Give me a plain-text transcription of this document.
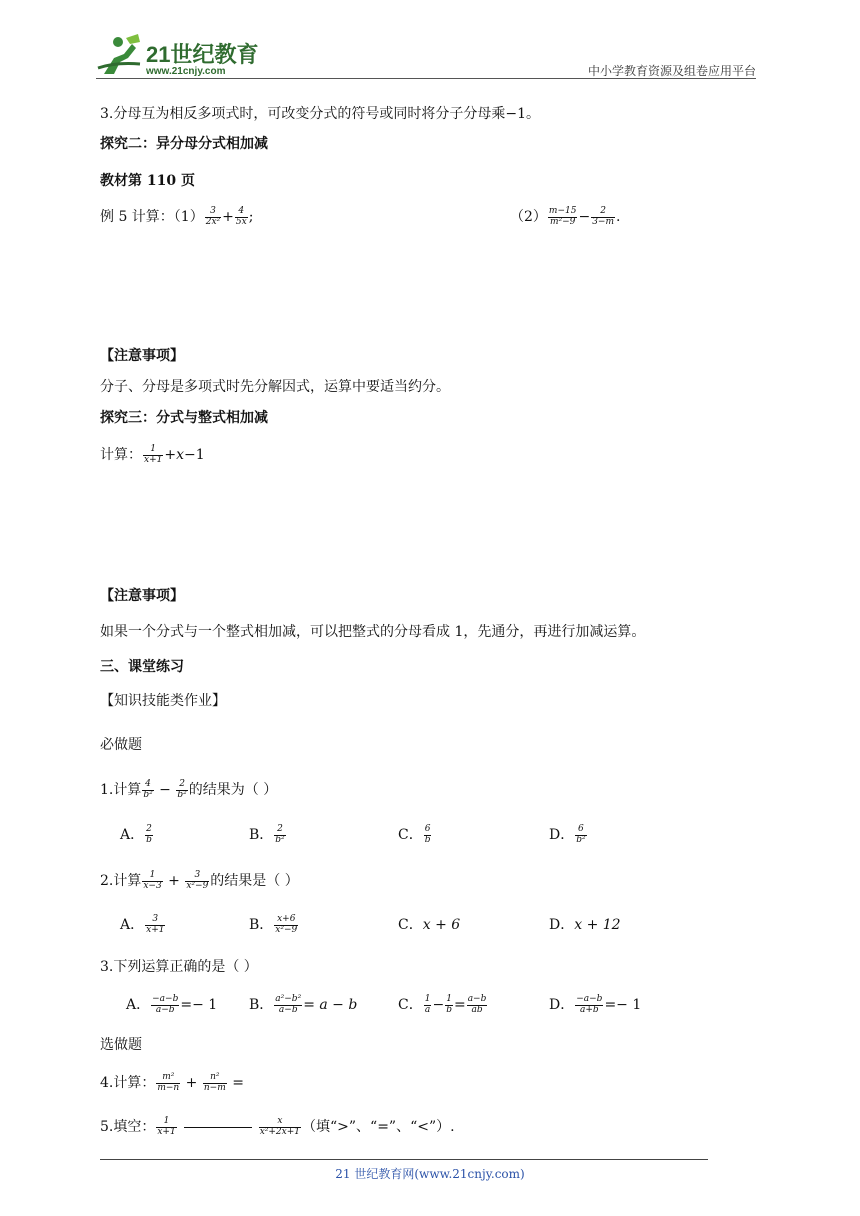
21世纪教育
www.21cnjy.com	中小学教育资源及组卷应用平台
3.分母互为相反多项式时，可改变分式的符号或同时将分子分母乘−1。
探究二：异分母分式相加减
教材第 110 页
例 5 计算：$(1) \frac{3}{\text{2x²}} + \frac{4}{5x}$ ;	$(2) \frac{m-15}{\text{m²−9}} - \frac{2}{3-m}$ .
【注意事项】
分子、分母是多项式时先分解因式，运算中要适当约分。
探究三：分式与整式相加减
计算： $\frac{1}{x+1} +x-1$
【注意事项】
如果一个分式与一个整式相加减，可以把整式的分母看成 1，先通分，再进行加减运算。
三、课堂练习
【知识技能类作业】
必做题
1.计算 $\frac{4}{\text{b²}} - \frac{2}{\text{b²}}$ 的结果为（ ）
A． $\frac{2}{b}$	B． $\frac{2}{\text{b²}}$	C． $\frac{6}{b}$	D． $\frac{6}{\text{b²}}$
2.计算 $\frac{1}{x-3} + \frac{3}{\text{x²−9}}$ 的结果是（ ）
A． $\frac{3}{x+1}$	B． $\frac{x+6}{\text{x²−9}}$	C．x + 6	D．x + 12
3.下列运算正确的是（ ）
A． $\frac{-a-b}{a-b} =- 1$ B． $\frac{\text{a²−b²}}{a-b} = a - b$	C． $\frac{1}{a} - \frac{1}{b} = \frac{a-b}{ab}$	D． $\frac{-a-b}{a+b} =- 1$
选做题
4.计算： $\frac{\text{m²}}{m-n} + \frac{\text{n²}}{n-m}$ =
5.填空： $\frac{1}{x+1}$	$\frac{x}{\text{x²+2x+1}}$ （填“>”、“=”、“<”）.
21 世纪教育网(www.21cnjy.com)
